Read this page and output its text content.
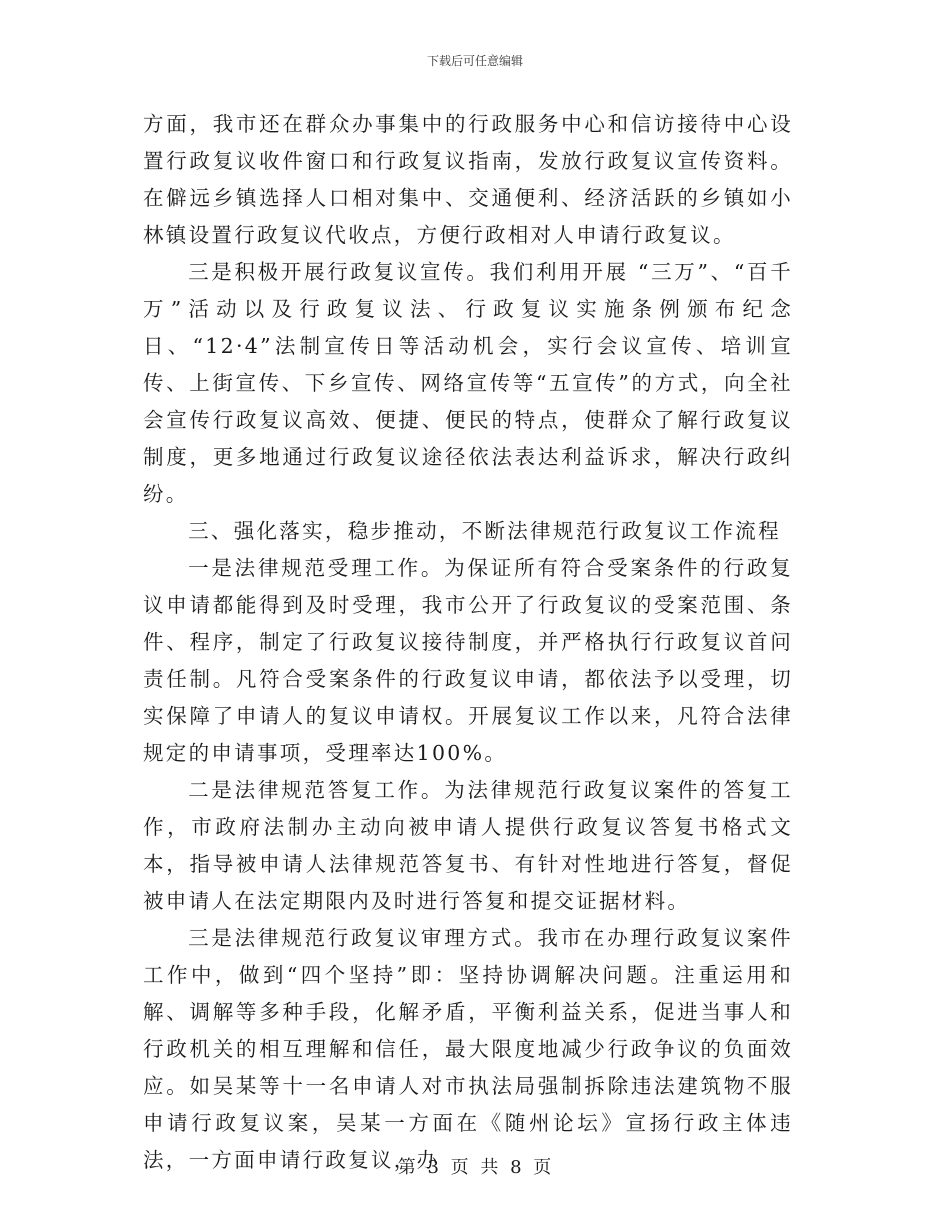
下载后可任意编辑

方面，我市还在群众办事集中的行政服务中心和信访接待中心设置行政复议收件窗口和行政复议指南，发放行政复议宣传资料。在僻远乡镇选择人口相对集中、交通便利、经济活跃的乡镇如小林镇设置行政复议代收点，方便行政相对人申请行政复议。

三是积极开展行政复议宣传。我们利用开展 “三万”、“百千万”活动以及行政复议法、行政复议实施条例颁布纪念日、“12·4”法制宣传日等活动机会，实行会议宣传、培训宣传、上街宣传、下乡宣传、网络宣传等“五宣传”的方式，向全社会宣传行政复议高效、便捷、便民的特点，使群众了解行政复议制度，更多地通过行政复议途径依法表达利益诉求，解决行政纠纷。

三、强化落实，稳步推动，不断法律规范行政复议工作流程

一是法律规范受理工作。为保证所有符合受案条件的行政复议申请都能得到及时受理，我市公开了行政复议的受案范围、条件、程序，制定了行政复议接待制度，并严格执行行政复议首问责任制。凡符合受案条件的行政复议申请，都依法予以受理，切实保障了申请人的复议申请权。开展复议工作以来，凡符合法律规定的申请事项，受理率达100%。

二是法律规范答复工作。为法律规范行政复议案件的答复工作，市政府法制办主动向被申请人提供行政复议答复书格式文本，指导被申请人法律规范答复书、有针对性地进行答复，督促被申请人在法定期限内及时进行答复和提交证据材料。

三是法律规范行政复议审理方式。我市在办理行政复议案件工作中，做到“四个坚持”即：坚持协调解决问题。注重运用和解、调解等多种手段，化解矛盾，平衡利益关系，促进当事人和行政机关的相互理解和信任，最大限度地减少行政争议的负面效应。如吴某等十一名申请人对市执法局强制拆除违法建筑物不服申请行政复议案，吴某一方面在《随州论坛》宣扬行政主体违法，一方面申请行政复议，办

第 3 页 共 8 页
